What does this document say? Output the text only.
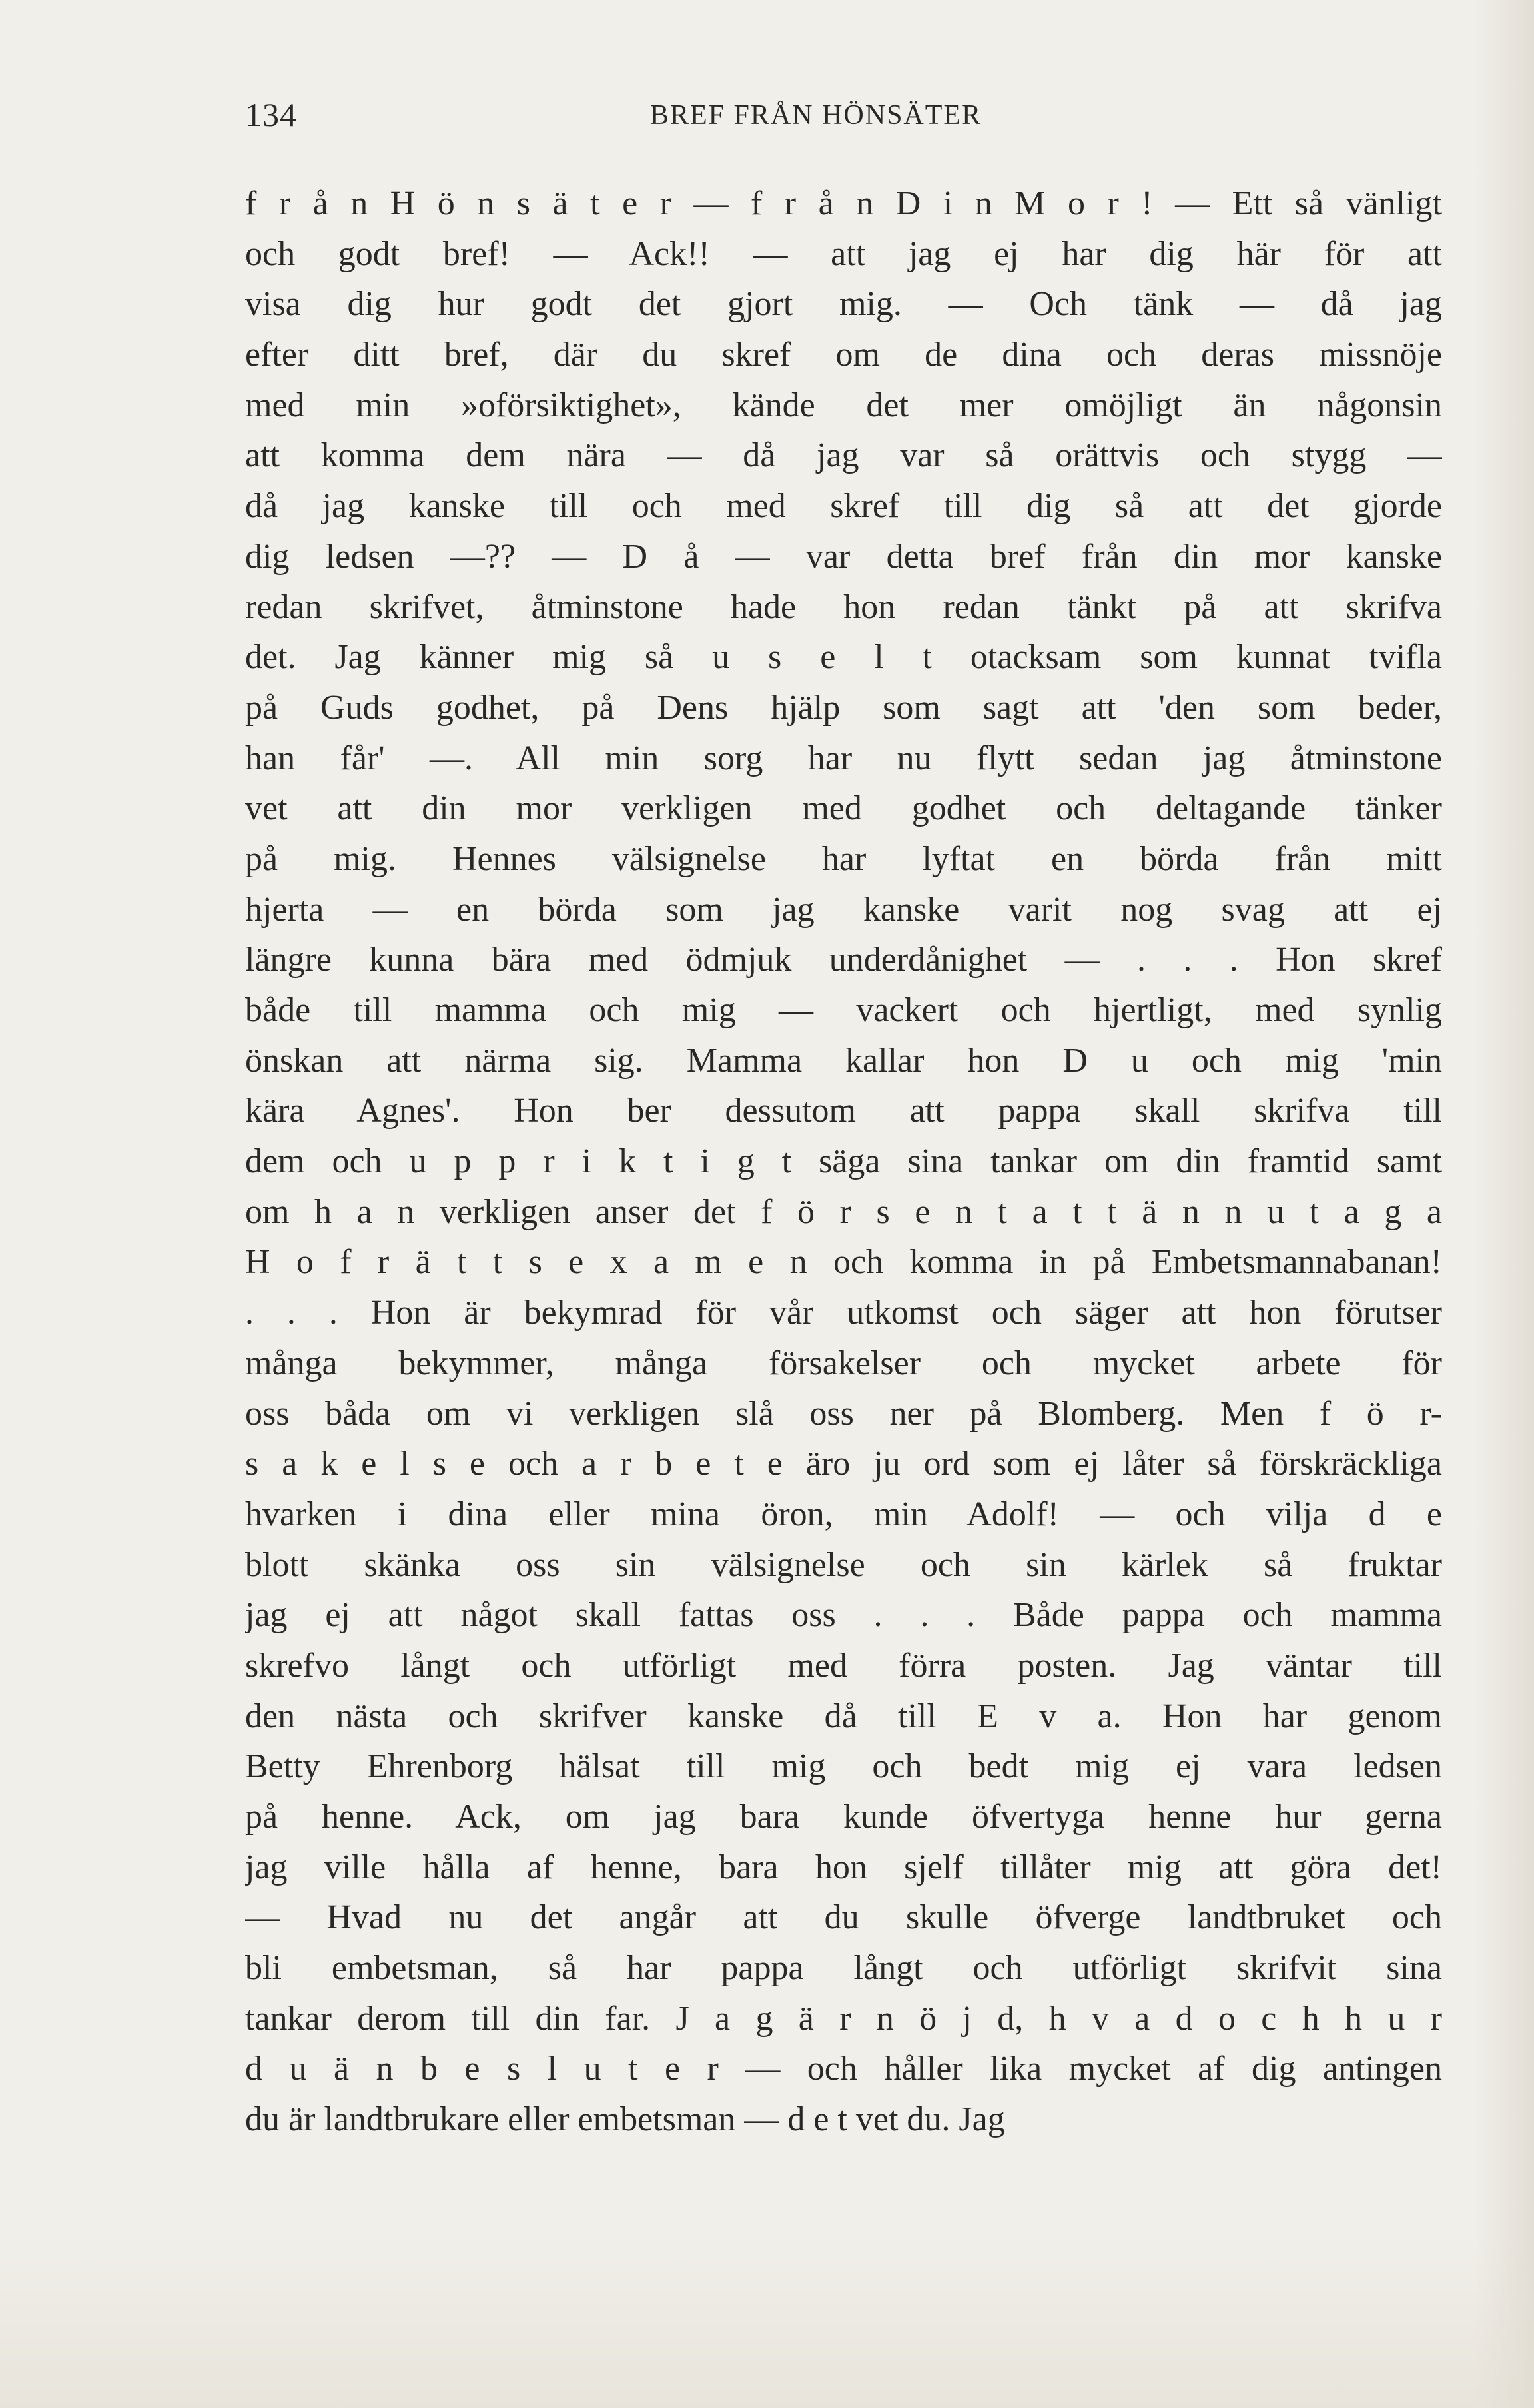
134	BREF FRÅN HÖNSÄTER
f r å n H ö n s ä t e r — f r å n D i n M o r ! — Ett så vänligt
och godt bref! — Ack!! — att jag ej har dig här för att
visa dig hur godt det gjort mig. — Och tänk — då jag
efter ditt bref, där du skref om de dina och deras missnöje
med min »oförsiktighet», kände det mer omöjligt än någonsin
att komma dem nära — då jag var så orättvis och stygg —
då jag kanske till och med skref till dig så att det gjorde
dig ledsen —?? — D å — var detta bref från din mor kanske
redan skrifvet, åtminstone hade hon redan tänkt på att skrifva
det. Jag känner mig så u s e l t otacksam som kunnat tvifla
på Guds godhet, på Dens hjälp som sagt att 'den som beder,
han får' —. All min sorg har nu flytt sedan jag åtminstone
vet att din mor verkligen med godhet och deltagande tänker
på mig. Hennes välsignelse har lyftat en börda från mitt
hjerta — en börda som jag kanske varit nog svag att ej
längre kunna bära med ödmjuk underdånighet — . . . Hon skref
både till mamma och mig — vackert och hjertligt, med synlig
önskan att närma sig. Mamma kallar hon D u och mig 'min
kära Agnes'. Hon ber dessutom att pappa skall skrifva till
dem och u p p r i k t i g t säga sina tankar om din framtid samt
om h a n verkligen anser det f ö r s e n t a t t ä n n u t a g a
H o f r ä t t s e x a m e n och komma in på Embetsmannabanan!
. . . Hon är bekymrad för vår utkomst och säger att hon förutser
många bekymmer, många försakelser och mycket arbete för
oss båda om vi verkligen slå oss ner på Blomberg. Men f ö r-
s a k e l s e och a r b e t e äro ju ord som ej låter så förskräckliga
hvarken i dina eller mina öron, min Adolf! — och vilja d e
blott skänka oss sin välsignelse och sin kärlek så fruktar
jag ej att något skall fattas oss . . . Både pappa och mamma
skrefvo långt och utförligt med förra posten. Jag väntar till
den nästa och skrifver kanske då till E v a. Hon har genom
Betty Ehrenborg hälsat till mig och bedt mig ej vara ledsen
på henne. Ack, om jag bara kunde öfvertyga henne hur gerna
jag ville hålla af henne, bara hon sjelf tillåter mig att göra det!
— Hvad nu det angår att du skulle öfverge landtbruket och
bli embetsman, så har pappa långt och utförligt skrifvit sina
tankar derom till din far. J a g ä r n ö j d, h v a d o c h h u r
d u ä n b e s l u t e r — och håller lika mycket af dig antingen
du är landtbrukare eller embetsman — d e t vet du. Jag
